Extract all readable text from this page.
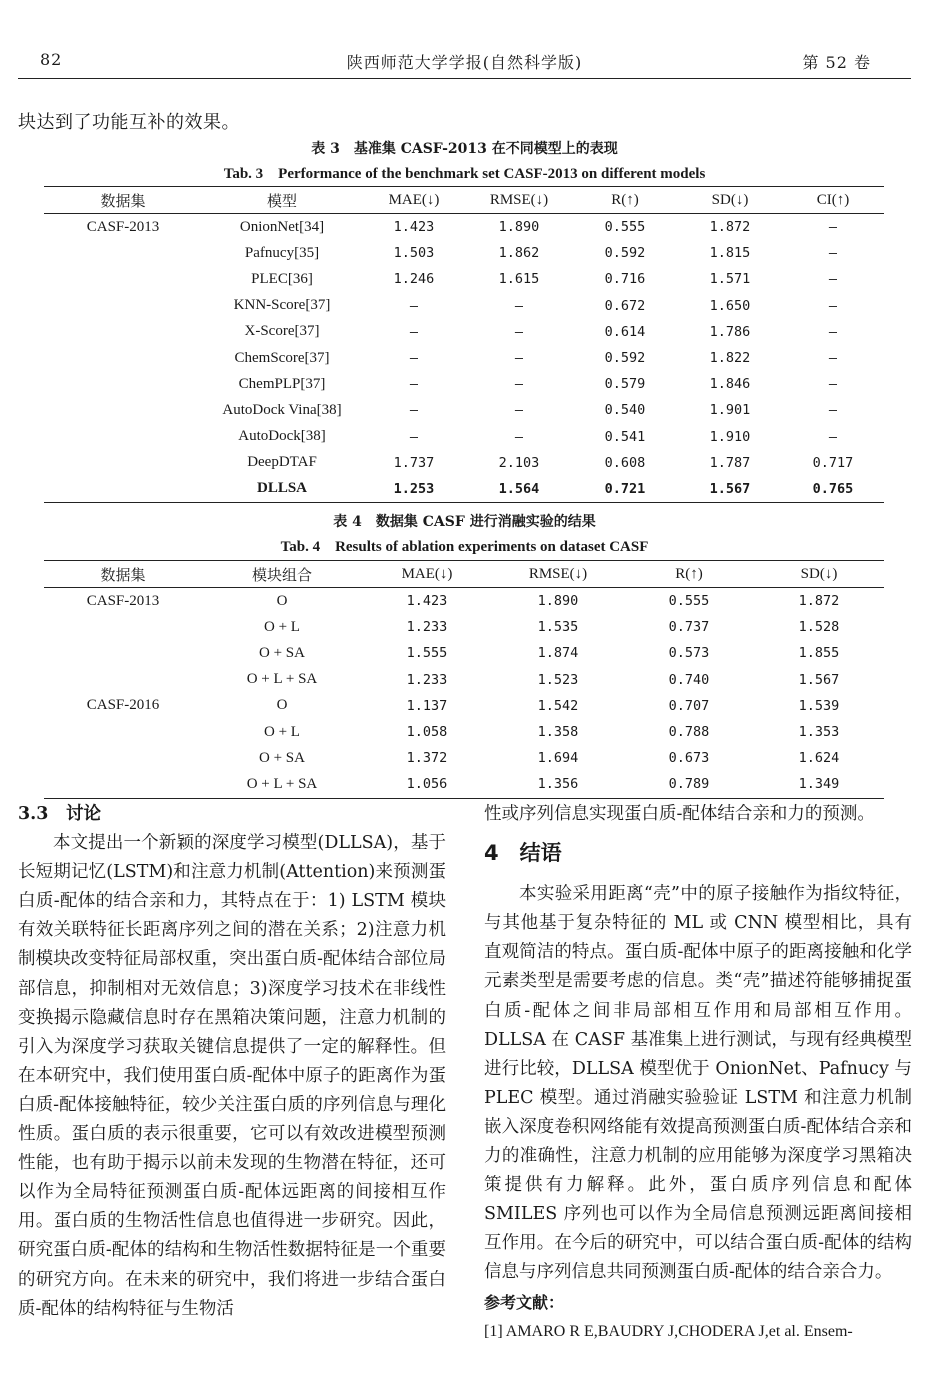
82	陕西师范大学学报(自然科学版)	第 52 卷
块达到了功能互补的效果。
表 3　基准集 CASF-2013 在不同模型上的表现
Tab. 3　Performance of the benchmark set CASF-2013 on different models
数据集	模型	MAE(↓)	RMSE(↓)	R(↑)	SD(↓)	CI(↑)
CASF-2013	OnionNet[34]	1.423	1.890	0.555	1.872	—
	Pafnucy[35]	1.503	1.862	0.592	1.815	—
	PLEC[36]	1.246	1.615	0.716	1.571	—
	KNN-Score[37]	—	—	0.672	1.650	—
	X-Score[37]	—	—	0.614	1.786	—
	ChemScore[37]	—	—	0.592	1.822	—
	ChemPLP[37]	—	—	0.579	1.846	—
	AutoDock Vina[38]	—	—	0.540	1.901	—
	AutoDock[38]	—	—	0.541	1.910	—
	DeepDTAF	1.737	2.103	0.608	1.787	0.717
	DLLSA	1.253	1.564	0.721	1.567	0.765
表 4　数据集 CASF 进行消融实验的结果
Tab. 4　Results of ablation experiments on dataset CASF
数据集	模块组合	MAE(↓)	RMSE(↓)	R(↑)	SD(↓)
CASF-2013	O	1.423	1.890	0.555	1.872
	O + L	1.233	1.535	0.737	1.528
	O + SA	1.555	1.874	0.573	1.855
	O + L + SA	1.233	1.523	0.740	1.567
CASF-2016	O	1.137	1.542	0.707	1.539
	O + L	1.058	1.358	0.788	1.353
	O + SA	1.372	1.694	0.673	1.624
	O + L + SA	1.056	1.356	0.789	1.349

3.3　讨论

本文提出一个新颖的深度学习模型(DLLSA)，基于长短期记忆(LSTM)和注意力机制(Attention)来预测蛋白质-配体的结合亲和力，其特点在于：1) LSTM 模块有效关联特征长距离序列之间的潜在关系；2)注意力机制模块改变特征局部权重，突出蛋白质-配体结合部位局部信息，抑制相对无效信息；3)深度学习技术在非线性变换揭示隐藏信息时存在黑箱决策问题，注意力机制的引入为深度学习获取关键信息提供了一定的解释性。但在本研究中，我们使用蛋白质-配体中原子的距离作为蛋白质-配体接触特征，较少关注蛋白质的序列信息与理化性质。蛋白质的表示很重要，它可以有效改进模型预测性能，也有助于揭示以前未发现的生物潜在特征，还可以作为全局特征预测蛋白质-配体远距离的间接相互作用。蛋白质的生物活性信息也值得进一步研究。因此，研究蛋白质-配体的结构和生物活性数据特征是一个重要的研究方向。在未来的研究中，我们将进一步结合蛋白质-配体的结构特征与生物活

性或序列信息实现蛋白质-配体结合亲和力的预测。

4　结语

本实验采用距离“壳”中的原子接触作为指纹特征，与其他基于复杂特征的 ML 或 CNN 模型相比，具有直观简洁的特点。蛋白质-配体中原子的距离接触和化学元素类型是需要考虑的信息。类“壳”描述符能够捕捉蛋白质-配体之间非局部相互作用和局部相互作用。DLLSA 在 CASF 基准集上进行测试，与现有经典模型进行比较，DLLSA 模型优于 OnionNet、Pafnucy 与 PLEC 模型。通过消融实验验证 LSTM 和注意力机制嵌入深度卷积网络能有效提高预测蛋白质-配体结合亲和力的准确性，注意力机制的应用能够为深度学习黑箱决策提供有力解释。此外，蛋白质序列信息和配体 SMILES 序列也可以作为全局信息预测远距离间接相互作用。在今后的研究中，可以结合蛋白质-配体的结构信息与序列信息共同预测蛋白质-配体的结合亲合力。

参考文献：

[1] AMARO R E,BAUDRY J,CHODERA J,et al. Ensem-
